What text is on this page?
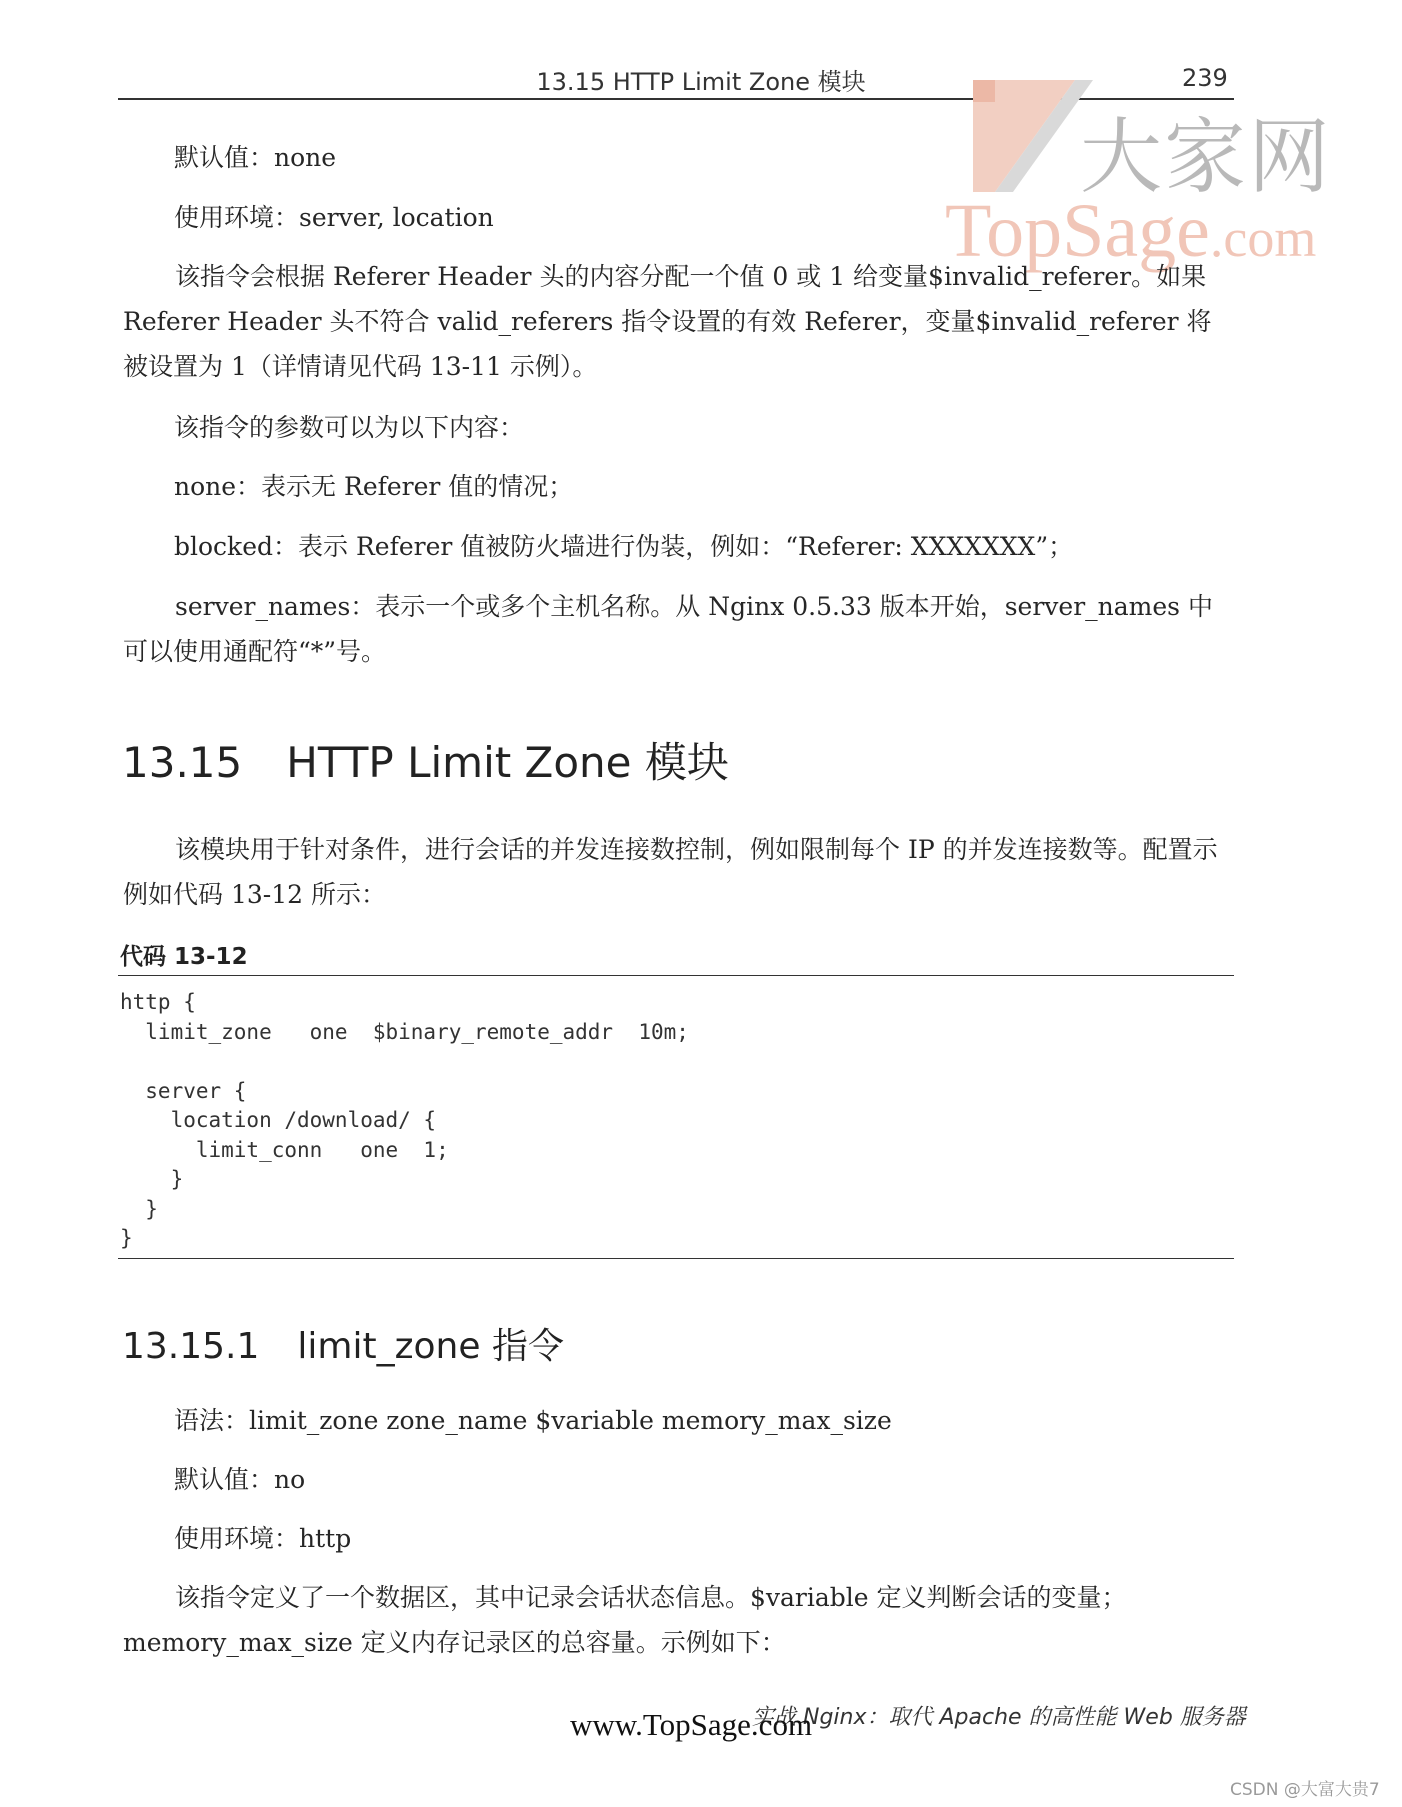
13.15 HTTP Limit Zone 模块	239
大家网
TopSage.com

默认值：none

使用环境：server, location

该指令会根据 Referer Header 头的内容分配一个值 0 或 1 给变量$invalid_referer。如果 Referer Header 头不符合 valid_referers 指令设置的有效 Referer，变量$invalid_referer 将被设置为 1（详情请见代码 13-11 示例）。

该指令的参数可以为以下内容：

none：表示无 Referer 值的情况；

blocked：表示 Referer 值被防火墙进行伪装，例如：“Referer: XXXXXXX”；

server_names：表示一个或多个主机名称。从 Nginx 0.5.33 版本开始，server_names 中可以使用通配符“*”号。

13.15 HTTP Limit Zone 模块

该模块用于针对条件，进行会话的并发连接数控制，例如限制每个 IP 的并发连接数等。配置示例如代码 13-12 所示：

代码 13-12
http {
limit_zone   one  $binary_remote_addr  10m;

server {
location /download/ {
limit_conn   one  1;
}
}
}
13.15.1 limit_zone 指令

语法：limit_zone zone_name $variable memory_max_size

默认值：no

使用环境：http

该指令定义了一个数据区，其中记录会话状态信息。$variable 定义判断会话的变量；memory_max_size 定义内存记录区的总容量。示例如下：

实战 Nginx：取代 Apache 的高性能 Web 服务器
www.TopSage.com
CSDN @大富大贵7
